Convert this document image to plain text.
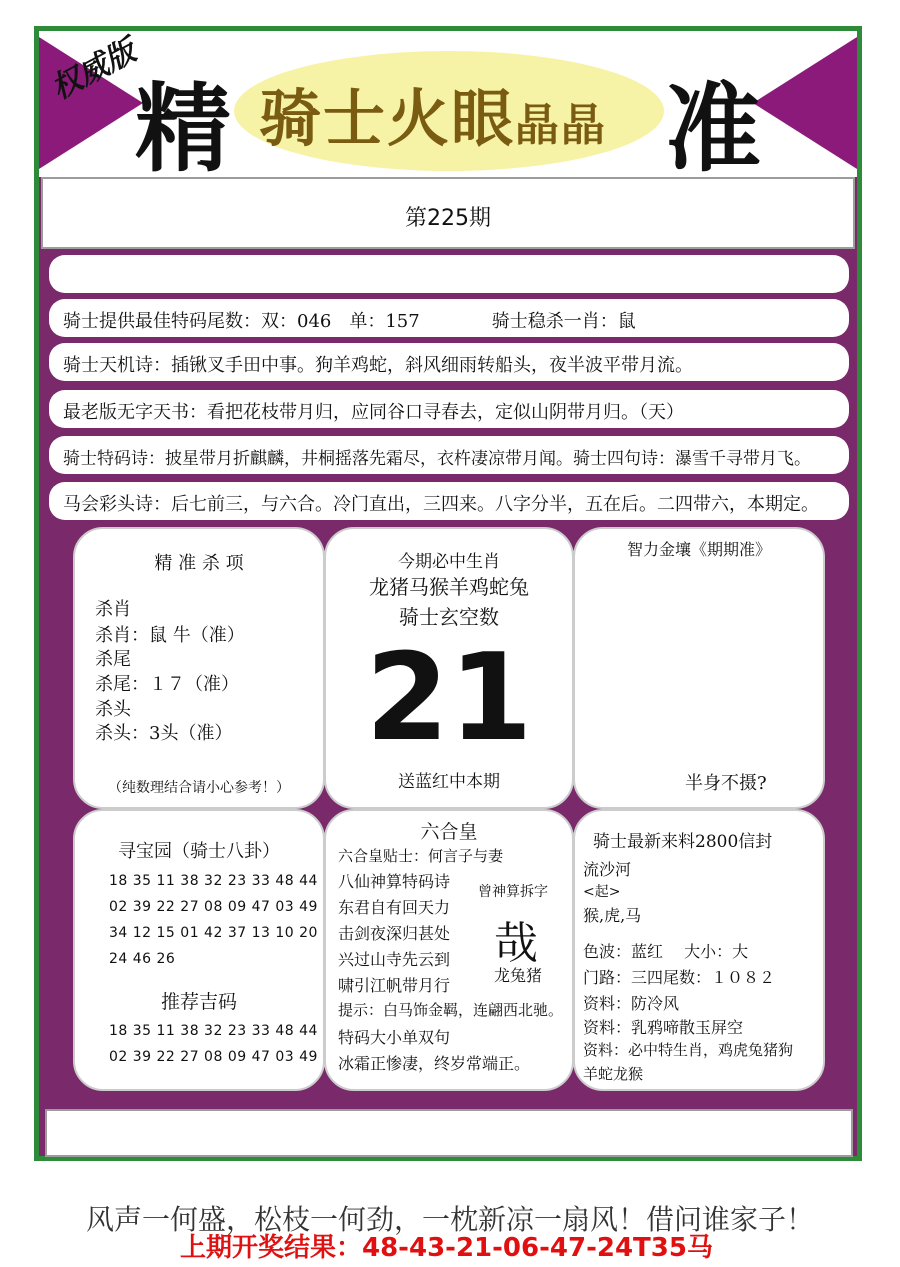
权威版
精	准
骑士火眼晶晶
第225期
骑士提供最佳特码尾数：双：046　单：157　　　　骑士稳杀一肖：鼠
骑士天机诗：插锹叉手田中事。狗羊鸡蛇，斜风细雨转船头，夜半波平带月流。
最老版无字天书：看把花枝带月归，应同谷口寻春去，定似山阴带月归。（天）
骑士特码诗：披星带月折麒麟，井桐摇落先霜尽，衣杵凄凉带月闻。骑士四句诗：瀑雪千寻带月飞。
马会彩头诗：后七前三，与六合。冷门直出，三四来。八字分半，五在后。二四带六，本期定。
精 准 杀 项
杀肖
杀肖：鼠 牛（准）
杀尾
杀尾：１７（准）
杀头
杀头：3头（准）
（纯数理结合请小心参考！）
今期必中生肖
龙猪马猴羊鸡蛇兔
骑士玄空数
21
送蓝红中本期
智力金壤《期期准》
半身不摄?
寻宝园（骑士八卦）
18 35 11 38 32 23 33 48 44
02 39 22 27 08 09 47 03 49
34 12 15 01 42 37 13 10 20
24 46 26
推荐吉码
18 35 11 38 32 23 33 48 44
02 39 22 27 08 09 47 03 49
六合皇
六合皇贴士：何言子与妻
八仙神算特码诗
东君自有回天力
击剑夜深归甚处
兴过山寺先云到
啸引江帆带月行
曾神算拆字
哉
龙兔猪
提示：白马饰金羁，连翩西北驰。
特码大小单双句
冰霜正惨凄，终岁常端正。
骑士最新来料2800信封
流沙河
<起>
猴,虎,马
色波：蓝红　 大小：大
门路：三四尾数：１０８２
资料：防冷风
资料：乳鸦啼散玉屏空
资料：必中特生肖，鸡虎兔猪狗
羊蛇龙猴
风声一何盛，松枝一何劲，一枕新凉一扇风！借问谁家子！
上期开奖结果：48-43-21-06-47-24T35马
